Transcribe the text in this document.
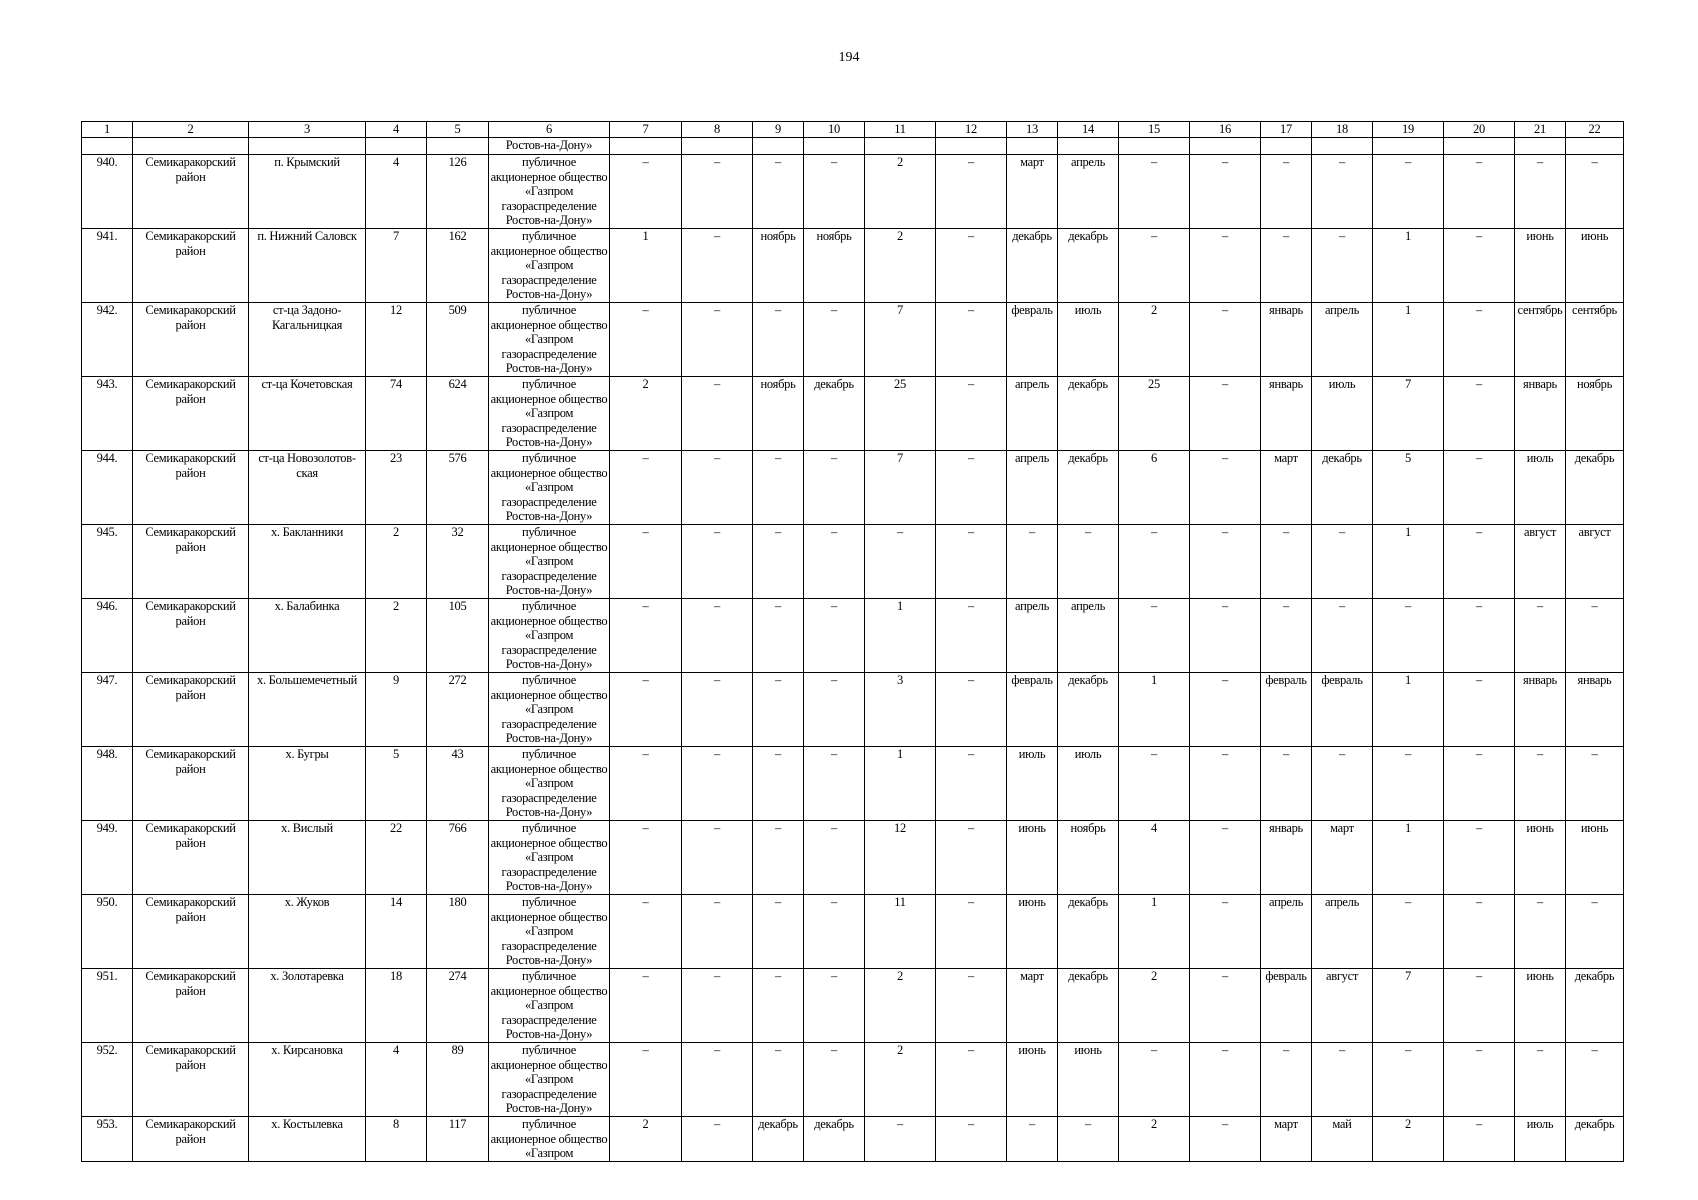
194
1	2	3	4	5	6	7	8	9	10	11	12	13	14	15	16	17	18	19	20	21	22
					Ростов-на-Дону»																
940.	Семикаракорский район	п. Крымский	4	126	публичное акционерное общество «Газпром газораспределение Ростов-на-Дону»	–	–	–	–	2	–	март	апрель	–	–	–	–	–	–	–	–
941.	Семикаракорский район	п. Нижний Саловск	7	162	публичное акционерное общество «Газпром газораспределение Ростов-на-Дону»	1	–	ноябрь	ноябрь	2	–	декабрь	декабрь	–	–	–	–	1	–	июнь	июнь
942.	Семикаракорский район	ст-ца Задоно-Кагальницкая	12	509	публичное акционерное общество «Газпром газораспределение Ростов-на-Дону»	–	–	–	–	7	–	февраль	июль	2	–	январь	апрель	1	–	сентябрь	сентябрь
943.	Семикаракорский район	ст-ца Кочетовская	74	624	публичное акционерное общество «Газпром газораспределение Ростов-на-Дону»	2	–	ноябрь	декабрь	25	–	апрель	декабрь	25	–	январь	июль	7	–	январь	ноябрь
944.	Семикаракорский район	ст-ца Новозолотов-ская	23	576	публичное акционерное общество «Газпром газораспределение Ростов-на-Дону»	–	–	–	–	7	–	апрель	декабрь	6	–	март	декабрь	5	–	июль	декабрь
945.	Семикаракорский район	х. Бакланники	2	32	публичное акционерное общество «Газпром газораспределение Ростов-на-Дону»	–	–	–	–	–	–	–	–	–	–	–	–	1	–	август	август
946.	Семикаракорский район	х. Балабинка	2	105	публичное акционерное общество «Газпром газораспределение Ростов-на-Дону»	–	–	–	–	1	–	апрель	апрель	–	–	–	–	–	–	–	–
947.	Семикаракорский район	х. Большемечетный	9	272	публичное акционерное общество «Газпром газораспределение Ростов-на-Дону»	–	–	–	–	3	–	февраль	декабрь	1	–	февраль	февраль	1	–	январь	январь
948.	Семикаракорский район	х. Бугры	5	43	публичное акционерное общество «Газпром газораспределение Ростов-на-Дону»	–	–	–	–	1	–	июль	июль	–	–	–	–	–	–	–	–
949.	Семикаракорский район	х. Вислый	22	766	публичное акционерное общество «Газпром газораспределение Ростов-на-Дону»	–	–	–	–	12	–	июнь	ноябрь	4	–	январь	март	1	–	июнь	июнь
950.	Семикаракорский район	х. Жуков	14	180	публичное акционерное общество «Газпром газораспределение Ростов-на-Дону»	–	–	–	–	11	–	июнь	декабрь	1	–	апрель	апрель	–	–	–	–
951.	Семикаракорский район	х. Золотаревка	18	274	публичное акционерное общество «Газпром газораспределение Ростов-на-Дону»	–	–	–	–	2	–	март	декабрь	2	–	февраль	август	7	–	июнь	декабрь
952.	Семикаракорский район	х. Кирсановка	4	89	публичное акционерное общество «Газпром газораспределение Ростов-на-Дону»	–	–	–	–	2	–	июнь	июнь	–	–	–	–	–	–	–	–
953.	Семикаракорский район	х. Костылевка	8	117	публичное акционерное общество «Газпром	2	–	декабрь	декабрь	–	–	–	–	2	–	март	май	2	–	июль	декабрь
